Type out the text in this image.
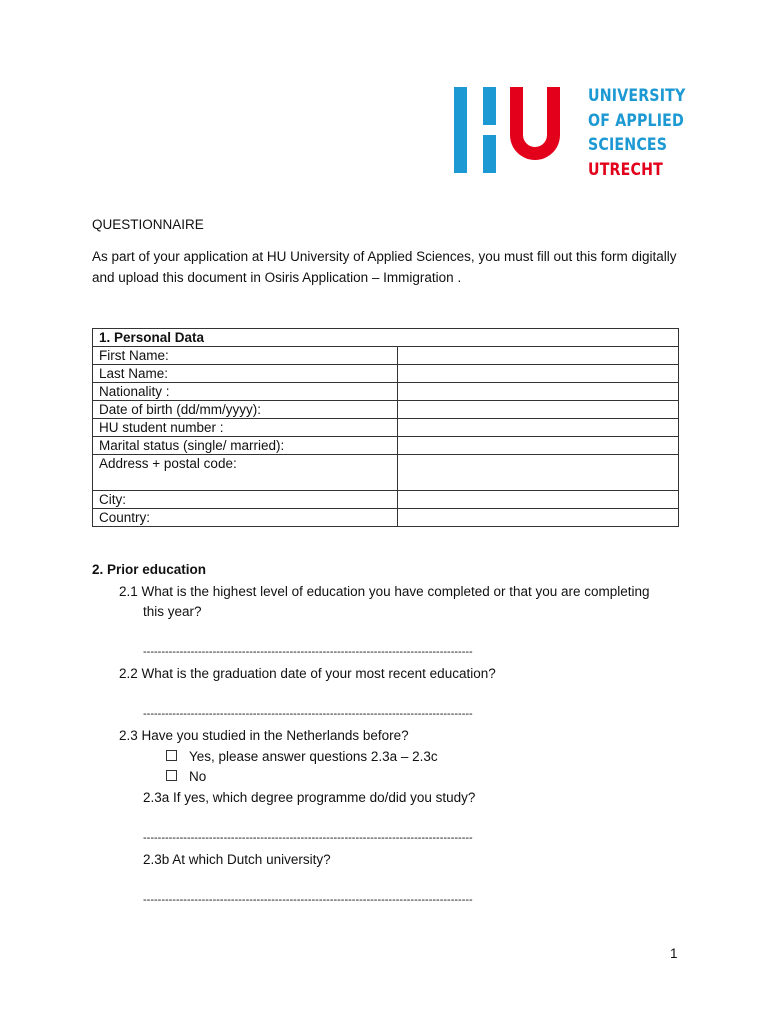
UNIVERSITY
OF APPLIED
SCIENCES
UTRECHT
QUESTIONNAIRE
As part of your application at HU University of Applied Sciences, you must fill out this form digitally and upload this document in Osiris Application – Immigration .
1. Personal Data	
First Name:	
Last Name:	
Nationality :	
Date of birth (dd/mm/yyyy):	
HU student number :	
Marital status (single/ married):	
Address + postal code:	
City:	
Country:	
2. Prior education
2.1 What is the highest level of education you have completed or that you are completing this year?
------------------------------------------------------------------------------------------
2.2 What is the graduation date of your most recent education?
------------------------------------------------------------------------------------------
2.3 Have you studied in the Netherlands before?
Yes, please answer questions 2.3a – 2.3c
No
2.3a If yes, which degree programme do/did you study?
------------------------------------------------------------------------------------------
2.3b At which Dutch university?
------------------------------------------------------------------------------------------
1
